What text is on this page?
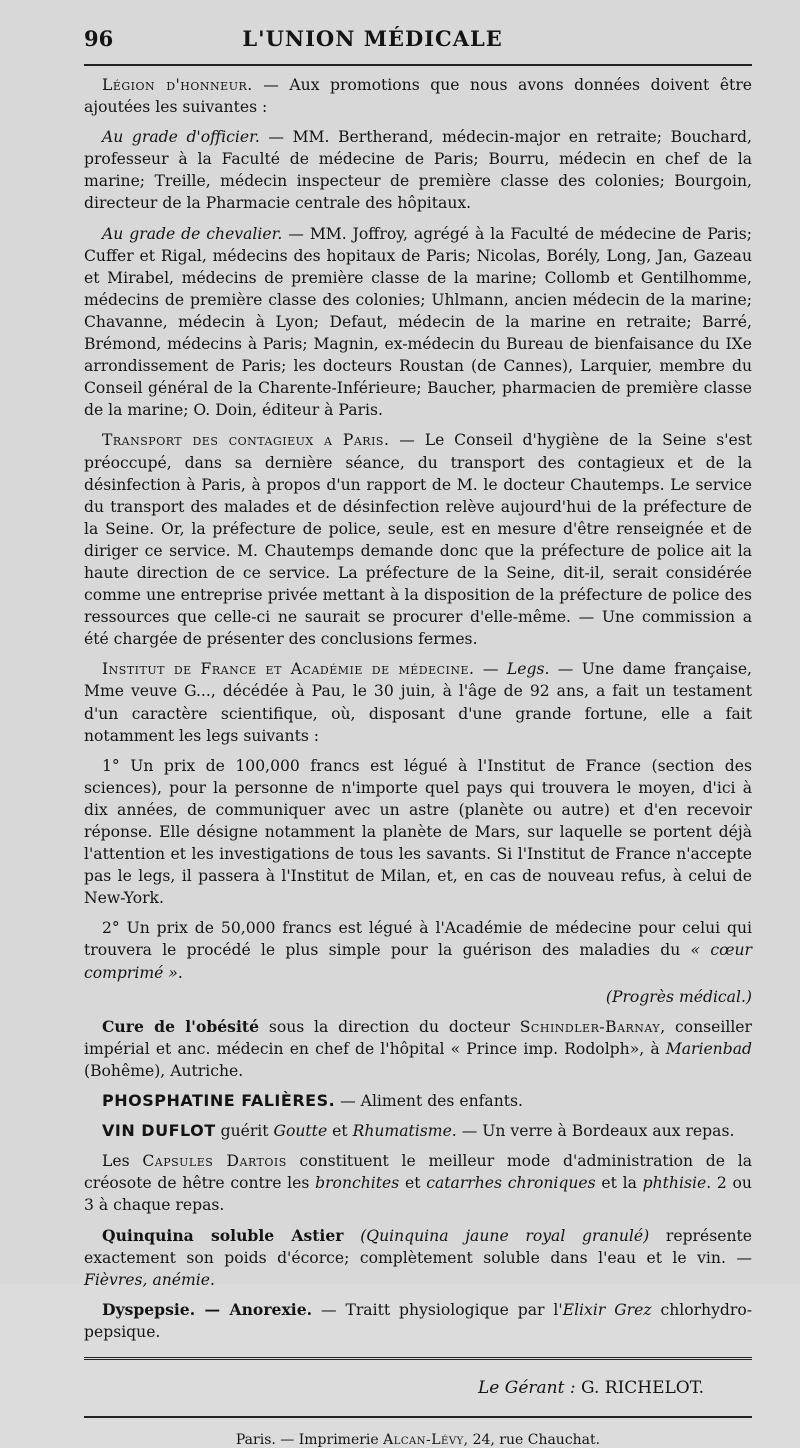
96	L'UNION MÉDICALE

Légion d'honneur. — Aux promotions que nous avons données doivent être ajoutées les suivantes :

Au grade d'officier. — MM. Bertherand, médecin-major en retraite; Bouchard, professeur à la Faculté de médecine de Paris; Bourru, médecin en chef de la marine; Treille, médecin inspecteur de première classe des colonies; Bourgoin, directeur de la Pharmacie centrale des hôpitaux.

Au grade de chevalier. — MM. Joffroy, agrégé à la Faculté de médecine de Paris; Cuffer et Rigal, médecins des hopitaux de Paris; Nicolas, Borély, Long, Jan, Gazeau et Mirabel, médecins de première classe de la marine; Collomb et Gentilhomme, médecins de première classe des colonies; Uhlmann, ancien médecin de la marine; Chavanne, médecin à Lyon; Defaut, médecin de la marine en retraite; Barré, Brémond, médecins à Paris; Magnin, ex-médecin du Bureau de bienfaisance du IXe arrondissement de Paris; les docteurs Roustan (de Cannes), Larquier, membre du Conseil général de la Charente-Inférieure; Baucher, pharmacien de première classe de la marine; O. Doin, éditeur à Paris.

Transport des contagieux a Paris. — Le Conseil d'hygiène de la Seine s'est préoccupé, dans sa dernière séance, du transport des contagieux et de la désinfection à Paris, à propos d'un rapport de M. le docteur Chautemps. Le service du transport des malades et de désinfection relève aujourd'hui de la préfecture de la Seine. Or, la préfecture de police, seule, est en mesure d'être renseignée et de diriger ce service. M. Chautemps demande donc que la préfecture de police ait la haute direction de ce service. La préfecture de la Seine, dit-il, serait considérée comme une entreprise privée mettant à la disposition de la préfecture de police des ressources que celle-ci ne saurait se procurer d'elle-même. — Une commission a été chargée de présenter des conclusions fermes.

Institut de France et Académie de médecine. — Legs. — Une dame française, Mme veuve G..., décédée à Pau, le 30 juin, à l'âge de 92 ans, a fait un testament d'un caractère scientifique, où, disposant d'une grande fortune, elle a fait notamment les legs suivants :

1° Un prix de 100,000 francs est légué à l'Institut de France (section des sciences), pour la personne de n'importe quel pays qui trouvera le moyen, d'ici à dix années, de communiquer avec un astre (planète ou autre) et d'en recevoir réponse. Elle désigne notamment la planète de Mars, sur laquelle se portent déjà l'attention et les investigations de tous les savants. Si l'Institut de France n'accepte pas le legs, il passera à l'Institut de Milan, et, en cas de nouveau refus, à celui de New-York.

2° Un prix de 50,000 francs est légué à l'Académie de médecine pour celui qui trouvera le procédé le plus simple pour la guérison des maladies du « cœur comprimé ».

(Progrès médical.)

Cure de l'obésité sous la direction du docteur Schindler-Barnay, conseiller impérial et anc. médecin en chef de l'hôpital « Prince imp. Rodolph», à Marienbad (Bohême), Autriche.

PHOSPHATINE FALIÈRES. — Aliment des enfants.

VIN DUFLOT guérit Goutte et Rhumatisme. — Un verre à Bordeaux aux repas.

Les Capsules Dartois constituent le meilleur mode d'administration de la créosote de hêtre contre les bronchites et catarrhes chroniques et la phthisie. 2 ou 3 à chaque repas.

Quinquina soluble Astier (Quinquina jaune royal granulé) représente exactement son poids d'écorce; complètement soluble dans l'eau et le vin. — Fièvres, anémie.

Dyspepsie. — Anorexie. — Traitt physiologique par l'Elixir Grez chlorhydro-pepsique.

Le Gérant : G. RICHELOT.
Paris. — Imprimerie Alcan-Lévy, 24, rue Chauchat.
